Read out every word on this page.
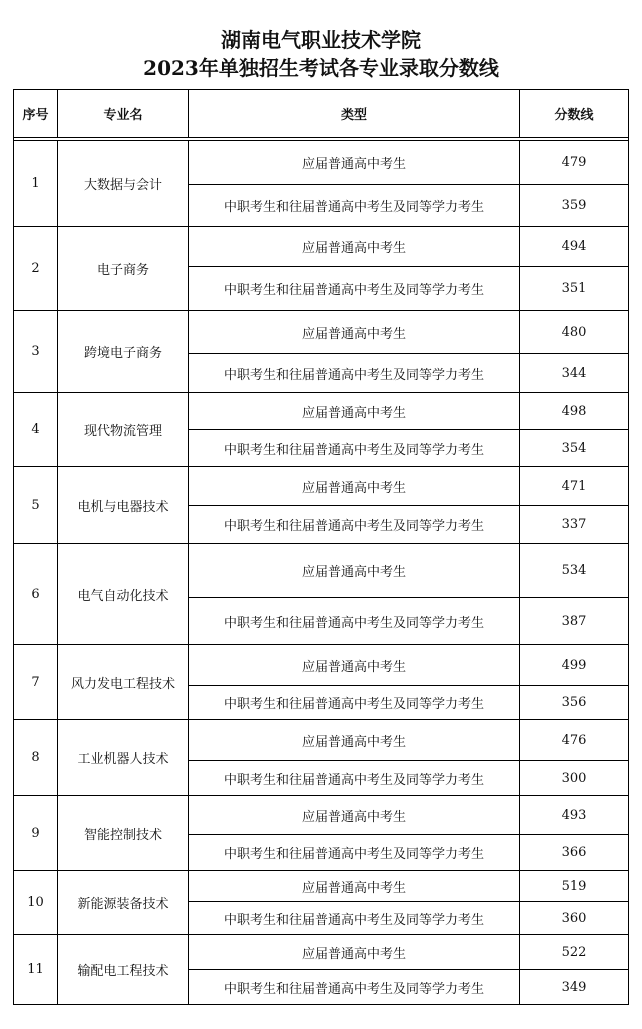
湖南电气职业技术学院
2023年单独招生考试各专业录取分数线
序号	专业名	类型	分数线

1	大数据与会计	应届普通高中考生	479
		中职考生和往届普通高中考生及同等学力考生	359
2	电子商务	应届普通高中考生	494
		中职考生和往届普通高中考生及同等学力考生	351
3	跨境电子商务	应届普通高中考生	480
		中职考生和往届普通高中考生及同等学力考生	344
4	现代物流管理	应届普通高中考生	498
		中职考生和往届普通高中考生及同等学力考生	354
5	电机与电器技术	应届普通高中考生	471
		中职考生和往届普通高中考生及同等学力考生	337
6	电气自动化技术	应届普通高中考生	534
		中职考生和往届普通高中考生及同等学力考生	387
7	风力发电工程技术	应届普通高中考生	499
		中职考生和往届普通高中考生及同等学力考生	356
8	工业机器人技术	应届普通高中考生	476
		中职考生和往届普通高中考生及同等学力考生	300
9	智能控制技术	应届普通高中考生	493
		中职考生和往届普通高中考生及同等学力考生	366
10	新能源装备技术	应届普通高中考生	519
		中职考生和往届普通高中考生及同等学力考生	360
11	输配电工程技术	应届普通高中考生	522
		中职考生和往届普通高中考生及同等学力考生	349
